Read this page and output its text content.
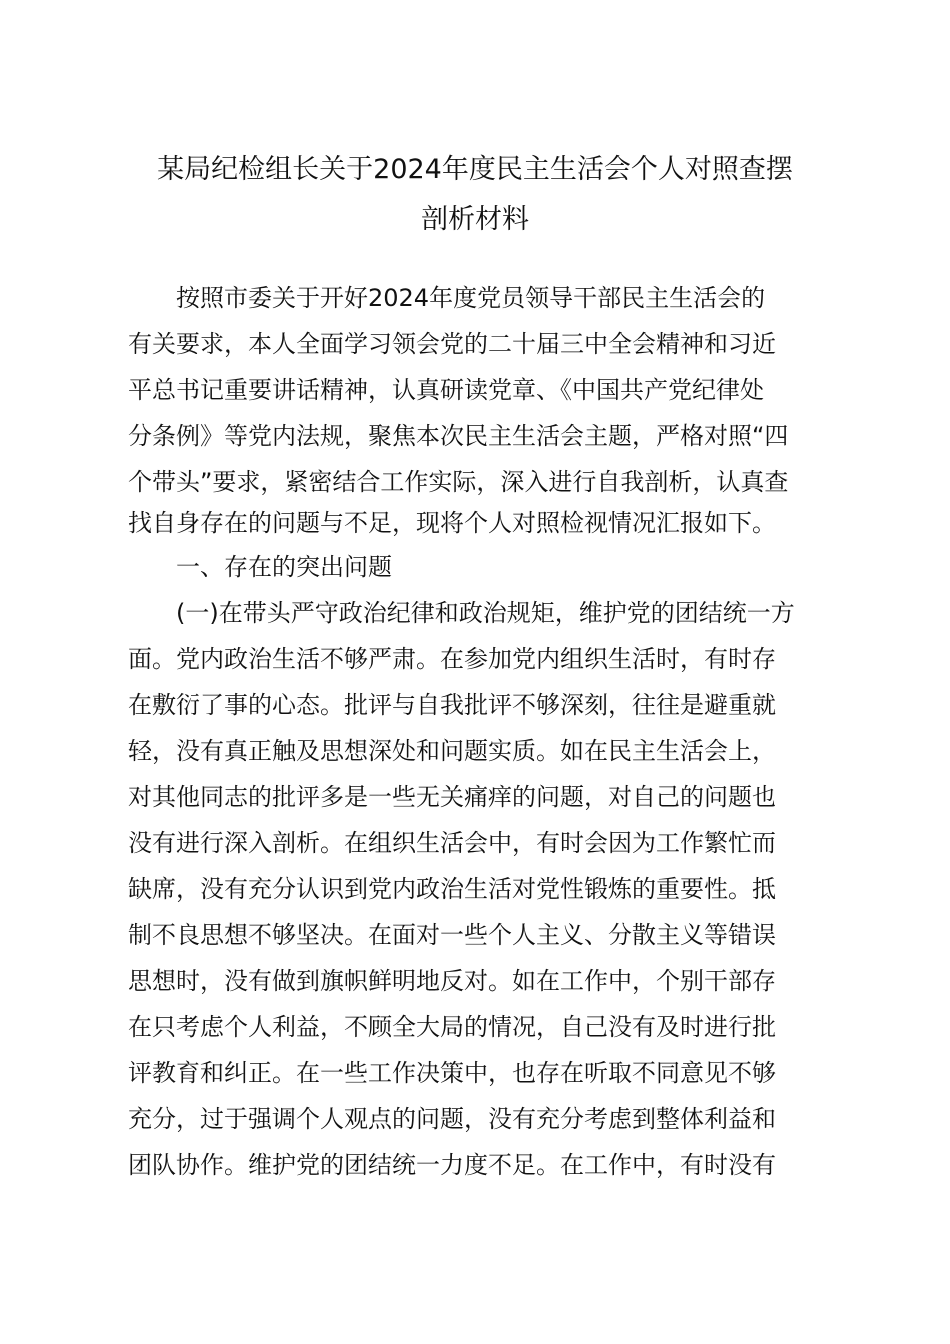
某局纪检组长关于2024年度民主生活会个人对照查摆
剖析材料
按照市委关于开好2024年度党员领导干部民主生活会的
有关要求，本人全面学习领会党的二十届三中全会精神和习近
平总书记重要讲话精神，认真研读党章、《中国共产党纪律处
分条例》等党内法规，聚焦本次民主生活会主题，严格对照“四
个带头”要求，紧密结合工作实际，深入进行自我剖析，认真查
找自身存在的问题与不足，现将个人对照检视情况汇报如下。
一、存在的突出问题
(一)在带头严守政治纪律和政治规矩，维护党的团结统一方
面。党内政治生活不够严肃。在参加党内组织生活时，有时存
在敷衍了事的心态。批评与自我批评不够深刻，往往是避重就
轻，没有真正触及思想深处和问题实质。如在民主生活会上，
对其他同志的批评多是一些无关痛痒的问题，对自己的问题也
没有进行深入剖析。在组织生活会中，有时会因为工作繁忙而
缺席，没有充分认识到党内政治生活对党性锻炼的重要性。抵
制不良思想不够坚决。在面对一些个人主义、分散主义等错误
思想时，没有做到旗帜鲜明地反对。如在工作中，个别干部存
在只考虑个人利益，不顾全大局的情况，自己没有及时进行批
评教育和纠正。在一些工作决策中，也存在听取不同意见不够
充分，过于强调个人观点的问题，没有充分考虑到整体利益和
团队协作。维护党的团结统一力度不足。在工作中，有时没有
